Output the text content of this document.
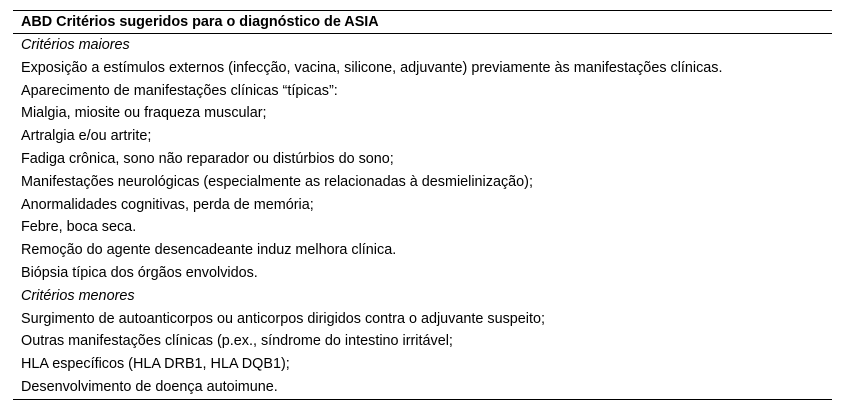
ABD Critérios sugeridos para o diagnóstico de ASIA
Critérios maiores
Exposição a estímulos externos (infecção, vacina, silicone, adjuvante) previamente às manifestações clínicas.
Aparecimento de manifestações clínicas “típicas”:
Mialgia, miosite ou fraqueza muscular;
Artralgia e/ou artrite;
Fadiga crônica, sono não reparador ou distúrbios do sono;
Manifestações neurológicas (especialmente as relacionadas à desmielinização);
Anormalidades cognitivas, perda de memória;
Febre, boca seca.
Remoção do agente desencadeante induz melhora clínica.
Biópsia típica dos órgãos envolvidos.
Critérios menores
Surgimento de autoanticorpos ou anticorpos dirigidos contra o adjuvante suspeito;
Outras manifestações clínicas (p.ex., síndrome do intestino irritável;
HLA específicos (HLA DRB1, HLA DQB1);
Desenvolvimento de doença autoimune.
